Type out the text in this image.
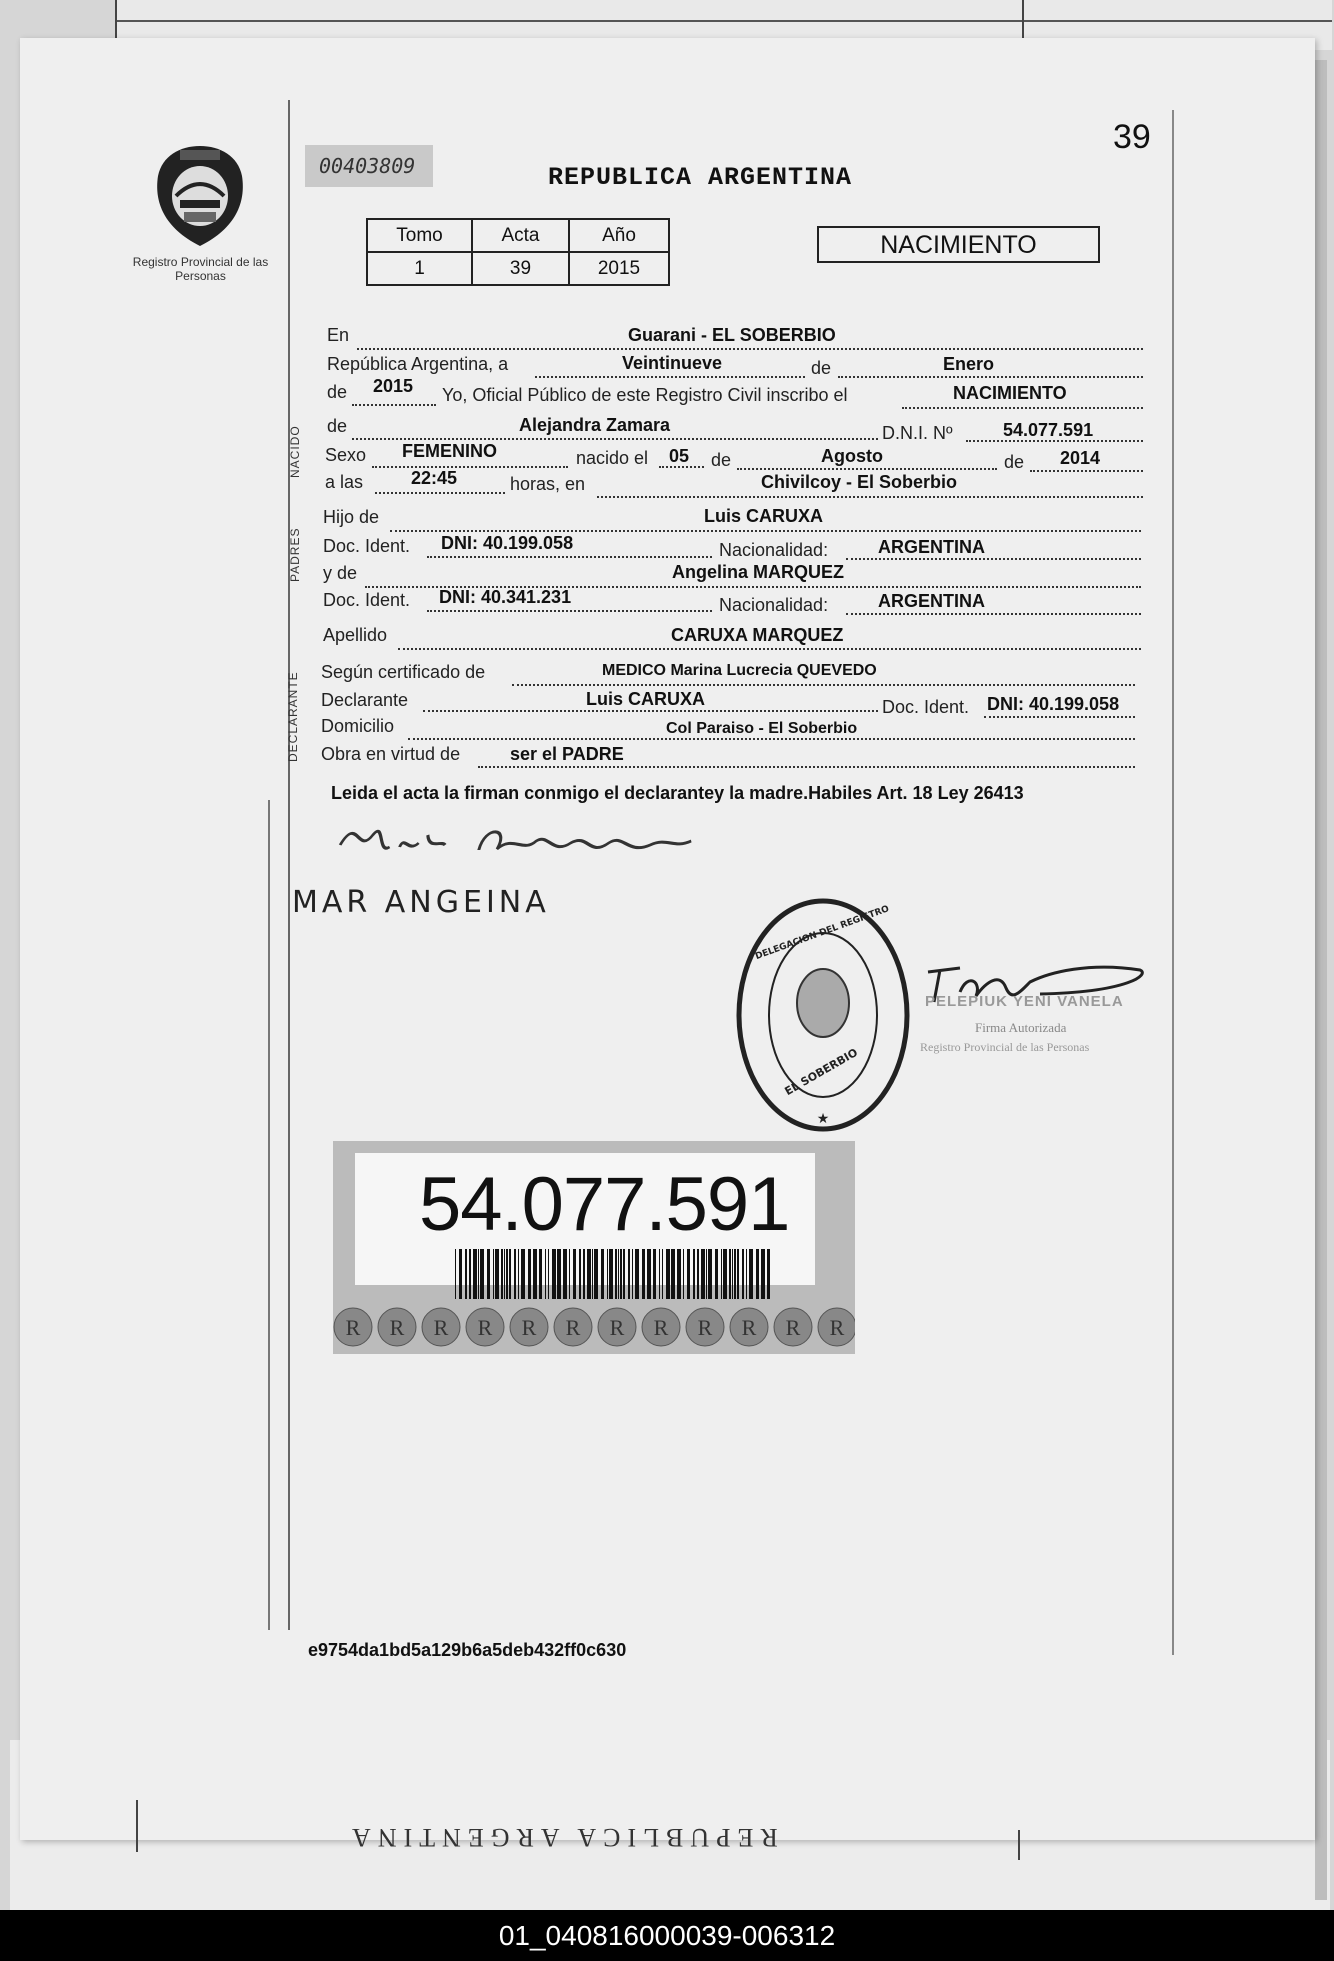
39
00403809	REPUBLICA ARGENTINA
Registro Provincial de las Personas
Tomo	Acta	Año
1	39	2015
NACIMIENTO
NACIDO
PADRES
DECLARANTE
En	Guarani - EL SOBERBIO
República Argentina, a	Veintinueve	de	Enero
de 2015 Yo, Oficial Público de este Registro Civil inscribo el	NACIMIENTO
de	Alejandra Zamara	D.N.I. Nº	54.077.591
Sexo FEMENINO	nacido el 05 de	Agosto	de 2014
a las	22:45	horas, en	Chivilcoy - El Soberbio
Hijo de	Luis CARUXA
Doc. Ident. DNI: 40.199.058	Nacionalidad:	ARGENTINA
y de	Angelina MARQUEZ
Doc. Ident. DNI: 40.341.231	Nacionalidad:	ARGENTINA
Apellido	CARUXA MARQUEZ
Según certificado de	MEDICO Marina Lucrecia QUEVEDO
Declarante	Luis CARUXA	Doc. Ident. DNI: 40.199.058
Domicilio	Col Paraiso - El Soberbio
Obra en virtud de	ser el PADRE
Leida el acta la firman conmigo el declarantey la madre.Habiles Art. 18 Ley 26413
MAR ANGEINA
DELEGACION DEL REGISTRO
EL SOBERBIO
★
PELEPIUK YENI VANELA
Firma Autorizada
Registro Provincial de las Personas
R R R R R R R R R R R R
54.077.591
e9754da1bd5a129b6a5deb432ff0c630
REPUBLICA ARGENTINA
01_040816000039-006312
